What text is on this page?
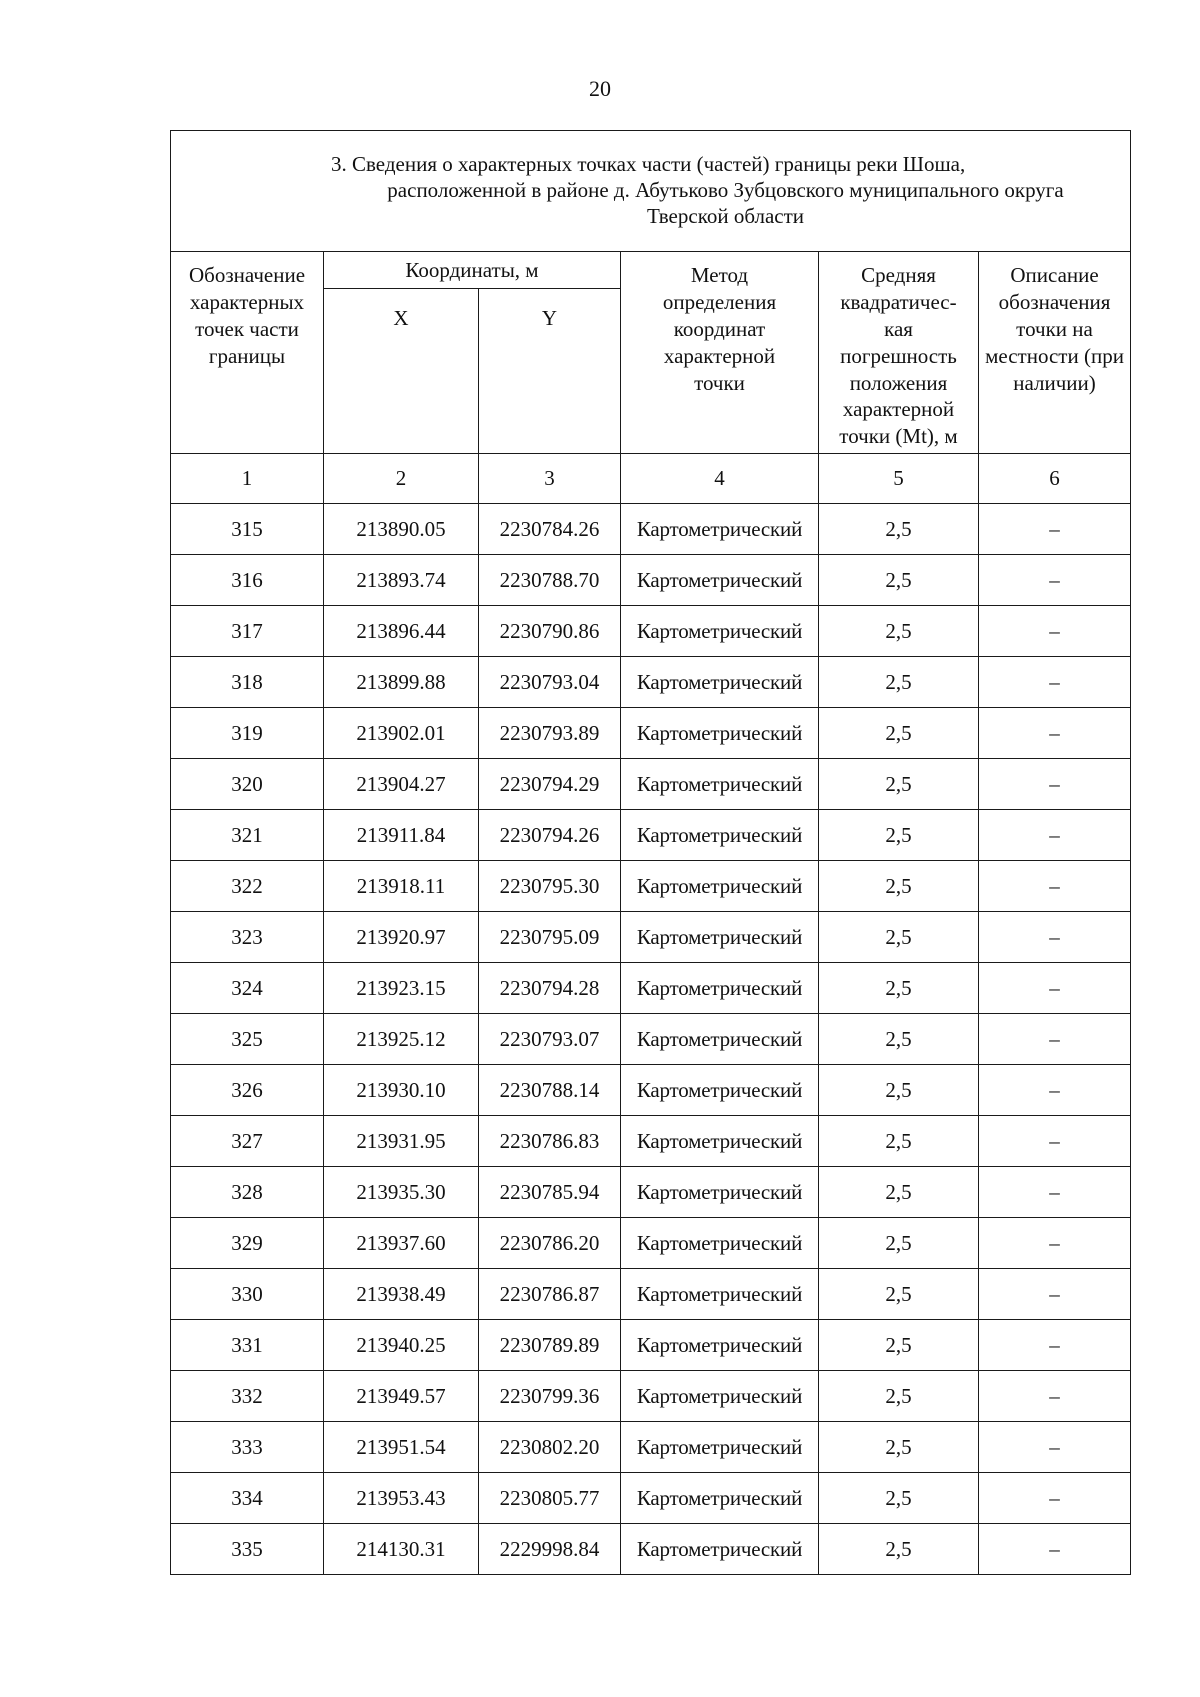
20
3. Сведения о характерных точках части (частей) границы реки Шоша,
расположенной в районе д. Абутьково Зубцовского муниципального округа
Тверской области					

Обозначение характерных точек части границы	Координаты, м		Метод определения координат характерной точки	Средняя квадратичес-кая погрешность положения характерной точки (Mt), м	Описание обозначения точки на местности (при наличии)
	X	Y			
1	2	3	4	5	6
315	213890.05	2230784.26	Картометрический	2,5	–
316	213893.74	2230788.70	Картометрический	2,5	–
317	213896.44	2230790.86	Картометрический	2,5	–
318	213899.88	2230793.04	Картометрический	2,5	–
319	213902.01	2230793.89	Картометрический	2,5	–
320	213904.27	2230794.29	Картометрический	2,5	–
321	213911.84	2230794.26	Картометрический	2,5	–
322	213918.11	2230795.30	Картометрический	2,5	–
323	213920.97	2230795.09	Картометрический	2,5	–
324	213923.15	2230794.28	Картометрический	2,5	–
325	213925.12	2230793.07	Картометрический	2,5	–
326	213930.10	2230788.14	Картометрический	2,5	–
327	213931.95	2230786.83	Картометрический	2,5	–
328	213935.30	2230785.94	Картометрический	2,5	–
329	213937.60	2230786.20	Картометрический	2,5	–
330	213938.49	2230786.87	Картометрический	2,5	–
331	213940.25	2230789.89	Картометрический	2,5	–
332	213949.57	2230799.36	Картометрический	2,5	–
333	213951.54	2230802.20	Картометрический	2,5	–
334	213953.43	2230805.77	Картометрический	2,5	–
335	214130.31	2229998.84	Картометрический	2,5	–
